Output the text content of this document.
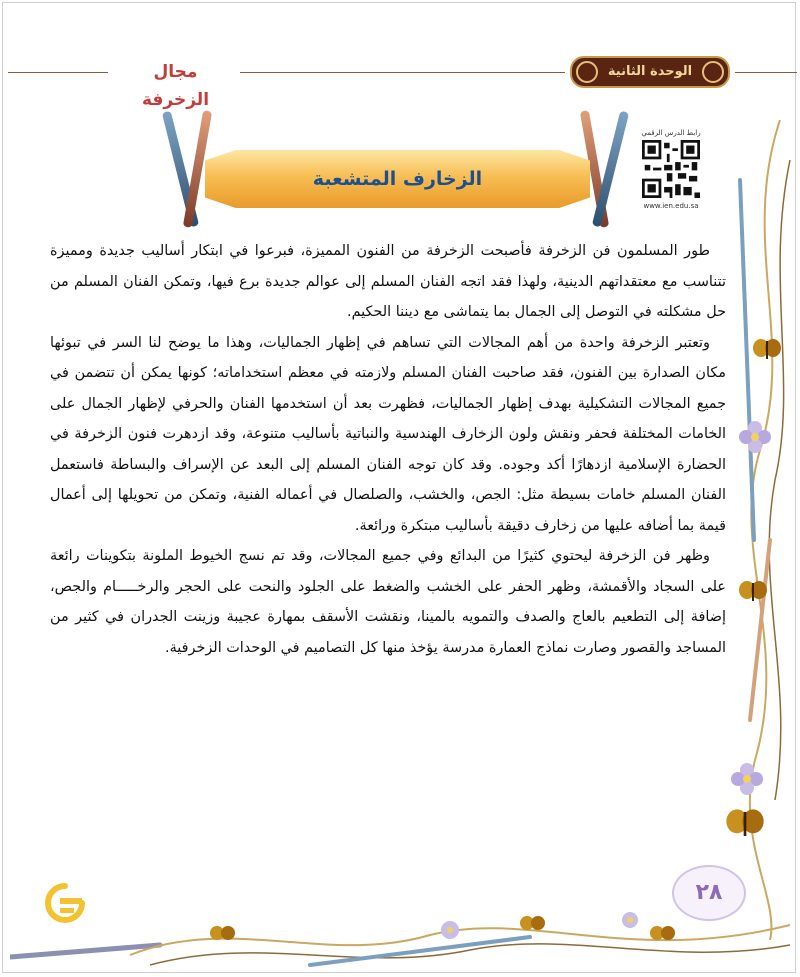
مجال الزخرفة
الوحدة الثانية
رابط الدرس الرقمي
www.ien.edu.sa
الزخارف المتشعبة

طور المسلمون فن الزخرفة فأصبحت الزخرفة من الفنون المميزة، فبرعوا في ابتكار أساليب جديدة ومميزة تتناسب مع معتقداتهم الدينية، ولهذا فقد اتجه الفنان المسلم إلى عوالم جديدة برع فيها، وتمكن الفنان المسلم من حل مشكلته في التوصل إلى الجمال بما يتماشى مع ديننا الحكيم.

وتعتبر الزخرفة واحدة من أهم المجالات التي تساهم في إظهار الجماليات، وهذا ما يوضح لنا السر في تبوئها مكان الصدارة بين الفنون، فقد صاحبت الفنان المسلم ولازمته في معظم استخداماته؛ كونها يمكن أن تتضمن في جميع المجالات التشكيلية بهدف إظهار الجماليات، فظهرت بعد أن استخدمها الفنان والحرفي لإظهار الجمال على الخامات المختلفة فحفر ونقش ولون الزخارف الهندسية والنباتية بأساليب متنوعة، وقد ازدهرت فنون الزخرفة في الحضارة الإسلامية ازدهارًا أكد وجوده. وقد كان توجه الفنان المسلم إلى البعد عن الإسراف والبساطة فاستعمل الفنان المسلم خامات بسيطة مثل: الجص، والخشب، والصلصال في أعماله الفنية، وتمكن من تحويلها إلى أعمال قيمة بما أضافه عليها من زخارف دقيقة بأساليب مبتكرة ورائعة.

وظهر فن الزخرفة ليحتوي كثيرًا من البدائع وفي جميع المجالات، وقد تم نسج الخيوط الملونة بتكوينات رائعة على السجاد والأقمشة، وظهر الحفر على الخشب والضغط على الجلود والنحت على الحجر والرخـــــام والجص، إضافة إلى التطعيم بالعاج والصدف والتمويه بالمينا، ونقشت الأسقف بمهارة عجيبة وزينت الجدران في كثير من المساجد والقصور وصارت نماذج العمارة مدرسة يؤخذ منها كل التصاميم في الوحدات الزخرفية.

٢٨
